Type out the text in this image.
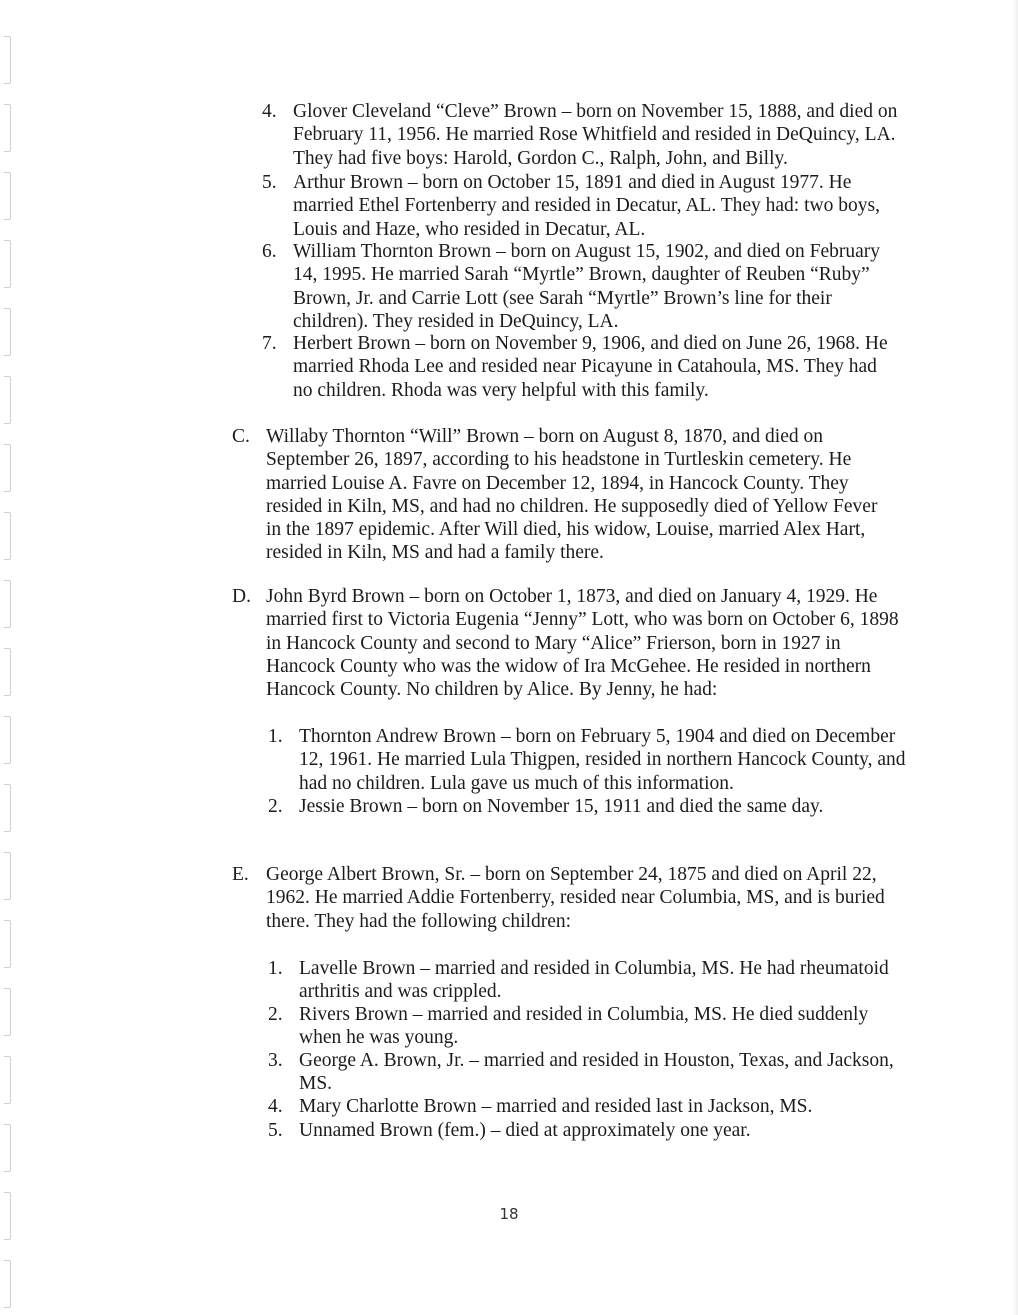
4. Glover Cleveland “Cleve” Brown – born on November 15, 1888, and died on
February 11, 1956. He married Rose Whitfield and resided in DeQuincy, LA.
They had five boys: Harold, Gordon C., Ralph, John, and Billy.
5. Arthur Brown – born on October 15, 1891 and died in August 1977. He
married Ethel Fortenberry and resided in Decatur, AL. They had: two boys,
Louis and Haze, who resided in Decatur, AL.
6. William Thornton Brown – born on August 15, 1902, and died on February
14, 1995. He married Sarah “Myrtle” Brown, daughter of Reuben “Ruby”
Brown, Jr. and Carrie Lott (see Sarah “Myrtle” Brown’s line for their
children). They resided in DeQuincy, LA.
7. Herbert Brown – born on November 9, 1906, and died on June 26, 1968. He
married Rhoda Lee and resided near Picayune in Catahoula, MS. They had
no children. Rhoda was very helpful with this family.
C. Willaby Thornton “Will” Brown – born on August 8, 1870, and died on
September 26, 1897, according to his headstone in Turtleskin cemetery. He
married Louise A. Favre on December 12, 1894, in Hancock County. They
resided in Kiln, MS, and had no children. He supposedly died of Yellow Fever
in the 1897 epidemic. After Will died, his widow, Louise, married Alex Hart,
resided in Kiln, MS and had a family there.
D. John Byrd Brown – born on October 1, 1873, and died on January 4, 1929. He
married first to Victoria Eugenia “Jenny” Lott, who was born on October 6, 1898
in Hancock County and second to Mary “Alice” Frierson, born in 1927 in
Hancock County who was the widow of Ira McGehee. He resided in northern
Hancock County. No children by Alice. By Jenny, he had:
1. Thornton Andrew Brown – born on February 5, 1904 and died on December
12, 1961. He married Lula Thigpen, resided in northern Hancock County, and
had no children. Lula gave us much of this information.
2. Jessie Brown – born on November 15, 1911 and died the same day.
E. George Albert Brown, Sr. – born on September 24, 1875 and died on April 22,
1962. He married Addie Fortenberry, resided near Columbia, MS, and is buried
there. They had the following children:
1. Lavelle Brown – married and resided in Columbia, MS. He had rheumatoid
arthritis and was crippled.
2. Rivers Brown – married and resided in Columbia, MS. He died suddenly
when he was young.
3. George A. Brown, Jr. – married and resided in Houston, Texas, and Jackson,
MS.
4. Mary Charlotte Brown – married and resided last in Jackson, MS.
5. Unnamed Brown (fem.) – died at approximately one year.
18
